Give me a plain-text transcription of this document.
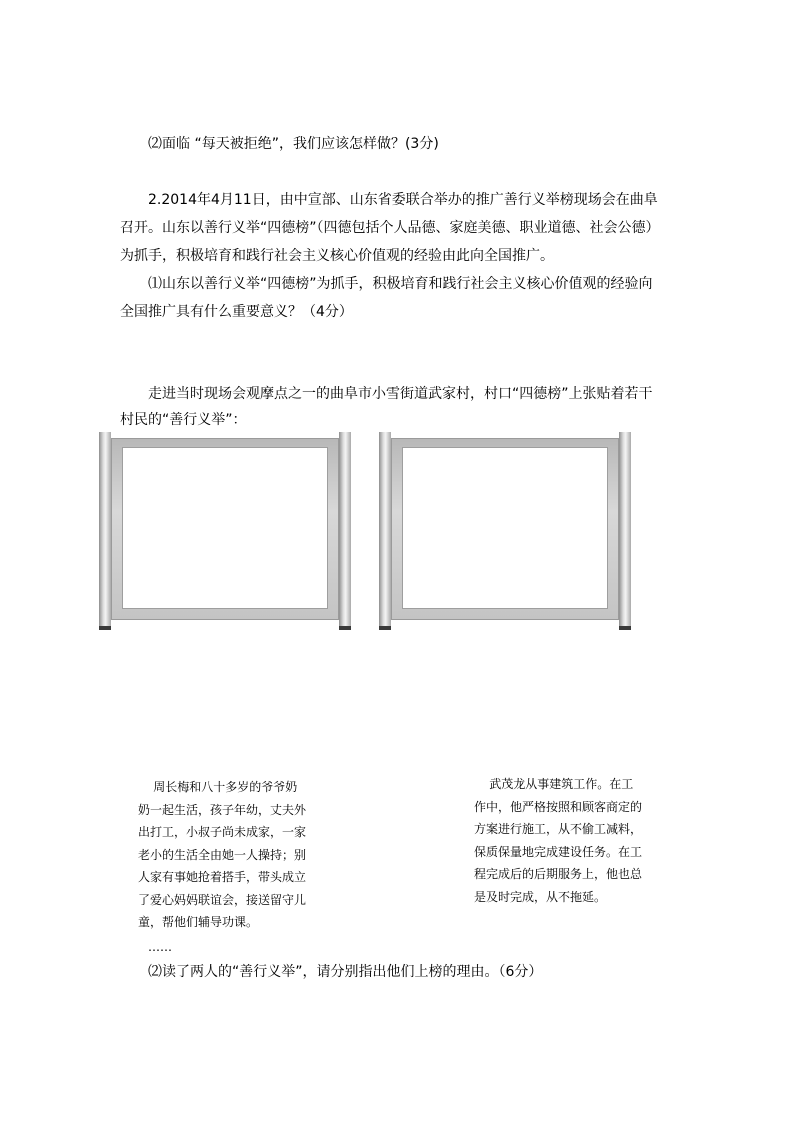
⑵面临 “每天被拒绝”，我们应该怎样做？(3分)
2.2014年4月11日，由中宣部、山东省委联合举办的推广善行义举榜现场会在曲阜
召开。山东以善行义举“四德榜”（四德包括个人品德、家庭美德、职业道德、社会公德）
为抓手，积极培育和践行社会主义核心价值观的经验由此向全国推广。
⑴山东以善行义举“四德榜”为抓手，积极培育和践行社会主义核心价值观的经验向
全国推广具有什么重要意义？（4分）
走进当时现场会观摩点之一的曲阜市小雪街道武家村，村口“四德榜”上张贴着若干
村民的“善行义举”：
周长梅和八十多岁的爷爷奶
奶一起生活，孩子年幼，丈夫外
出打工，小叔子尚未成家，一家
老小的生活全由她一人操持；别
人家有事她抢着搭手，带头成立
了爱心妈妈联谊会，接送留守儿
童，帮他们辅导功课。
……
武茂龙从事建筑工作。在工
作中，他严格按照和顾客商定的
方案进行施工，从不偷工减料，
保质保量地完成建设任务。在工
程完成后的后期服务上，他也总
是及时完成，从不拖延。
⑵读了两人的“善行义举”，请分别指出他们上榜的理由。（6分）
